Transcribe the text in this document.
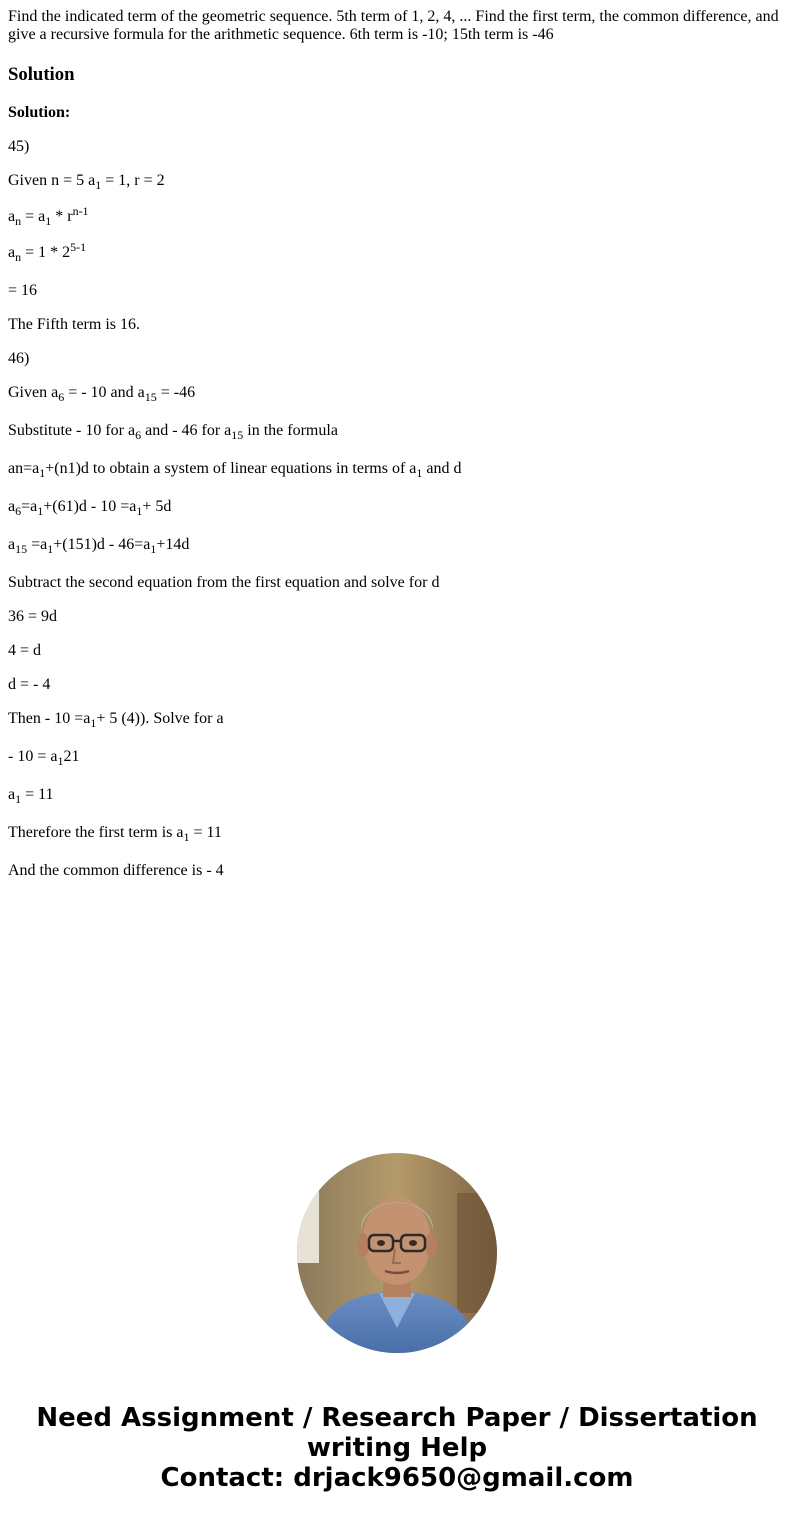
Find the indicated term of the geometric sequence. 5th term of 1, 2, 4, ... Find the first term, the common difference, and give a recursive formula for the arithmetic sequence. 6th term is -10; 15th term is -46

Solution

Solution:

45)

Given n = 5 $a_1 = 1$, r = 2

$a_n = a_1 * r^{n-1}$

$a_n = 1 * 2^{5-1}$

= 16

The Fifth term is 16.

46)

Given $a_6$ = - 10 and $a_{15} = -46$

Substitute - 10 for $a_6$ and - 46 for $a_{15}$ in the formula

$an=a_1+(n1)d$ to obtain a system of linear equations in terms of $a_1$ and d

$a_6=a_1+(61)d - 10 =a_1+ 5d$

$a_{15} =a_1+(151)d - 46=a_1+14d$

Subtract the second equation from the first equation and solve for d

36 = 9d

4 = d

d = - 4

Then - $10 =a_1+ 5$ (4)). Solve for a

- $10 = a_121$

$a_1 = 11$

Therefore the first term is $a_1 = 11$

And the common difference is - 4

Need Assignment / Research Paper / Dissertation
writing Help
Contact: drjack9650@gmail.com
